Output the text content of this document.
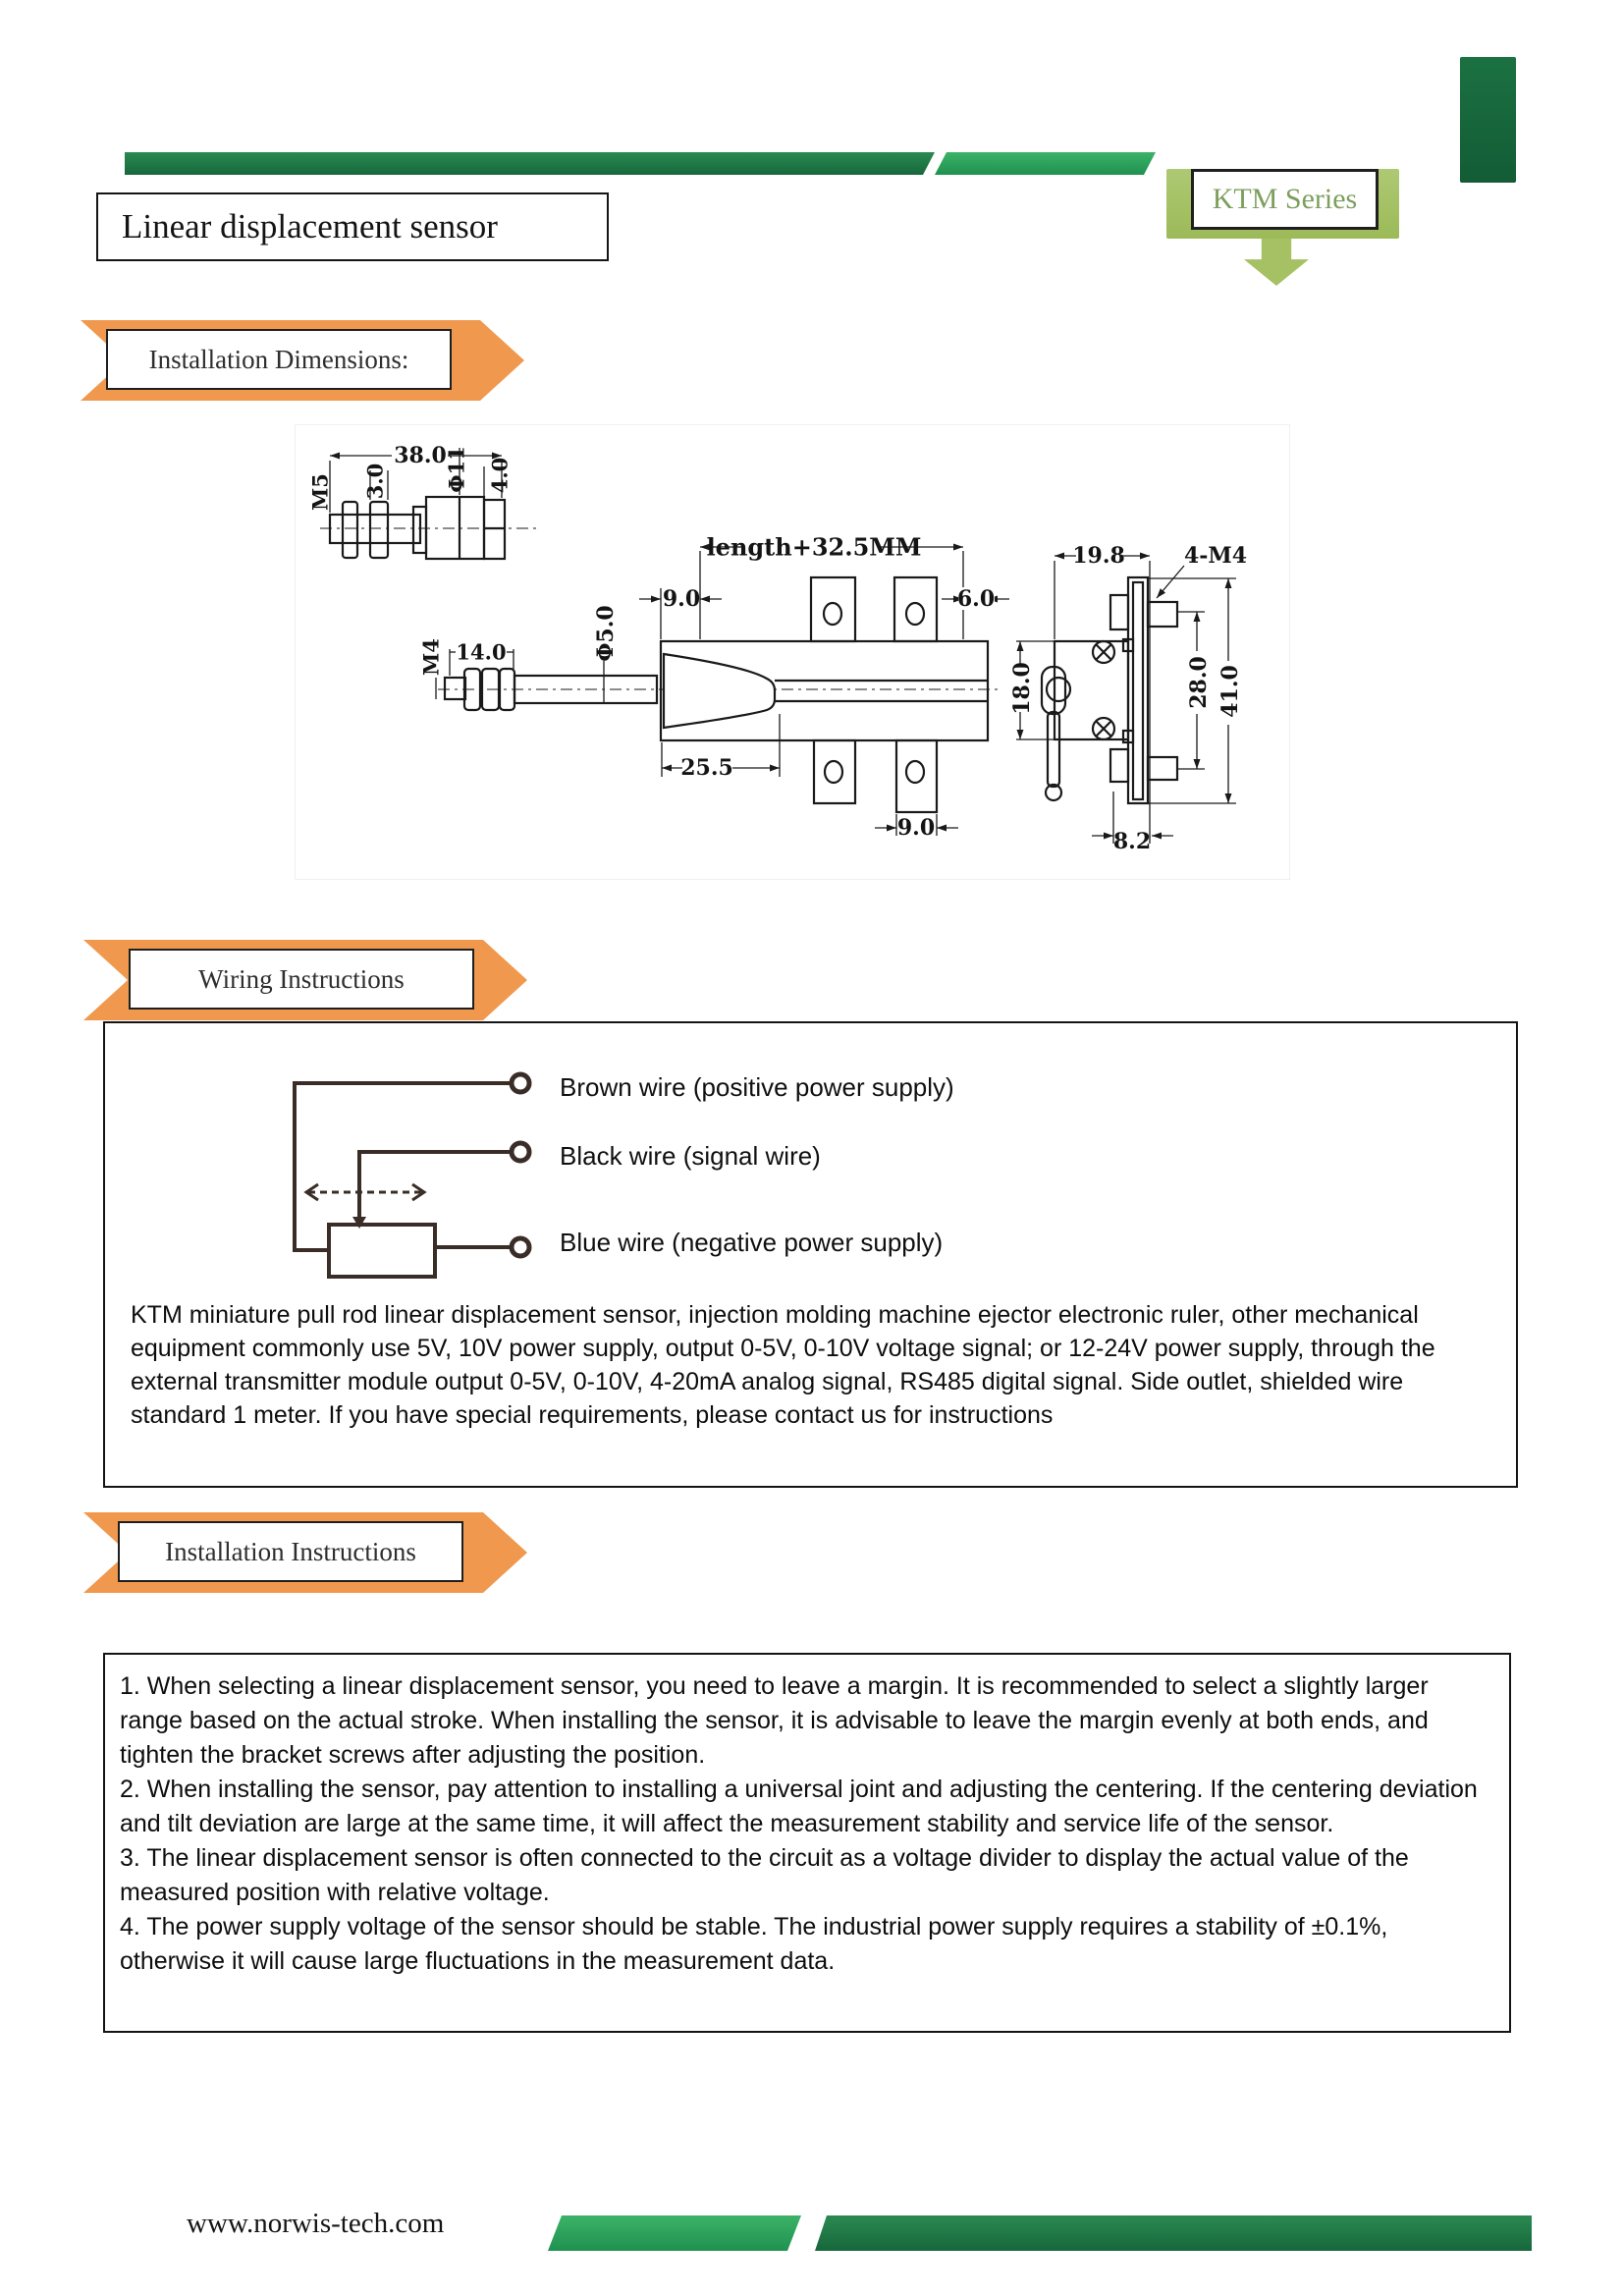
Linear displacement sensor
KTM Series
Installation Dimensions:
38.0
M5 3.0	Φ11 4.0
length+32.5MM
M4 14.0	Φ5.0
9.0	6.0
25.5
9.0
19.8	4-M4
18.0	28.0 41.0
8.2
Wiring Instructions
Brown wire (positive power supply)
Black wire (signal wire)
Blue wire (negative power supply)
KTM miniature pull rod linear displacement sensor, injection molding machine ejector electronic ruler, other mechanical equipment commonly use 5V, 10V power supply, output 0-5V, 0-10V voltage signal; or 12-24V power supply, through the external transmitter module output 0-5V, 0-10V, 4-20mA analog signal, RS485 digital signal. Side outlet, shielded wire standard 1 meter. If you have special requirements, please contact us for instructions
Installation Instructions
1. When selecting a linear displacement sensor, you need to leave a margin. It is recommended to select a slightly larger range based on the actual stroke. When installing the sensor, it is advisable to leave the margin evenly at both ends, and tighten the bracket screws after adjusting the position.
2. When installing the sensor, pay attention to installing a universal joint and adjusting the centering. If the centering deviation and tilt deviation are large at the same time, it will affect the measurement stability and service life of the sensor.
3. The linear displacement sensor is often connected to the circuit as a voltage divider to display the actual value of the measured position with relative voltage.
4. The power supply voltage of the sensor should be stable. The industrial power supply requires a stability of ±0.1%, otherwise it will cause large fluctuations in the measurement data.
www.norwis-tech.com
